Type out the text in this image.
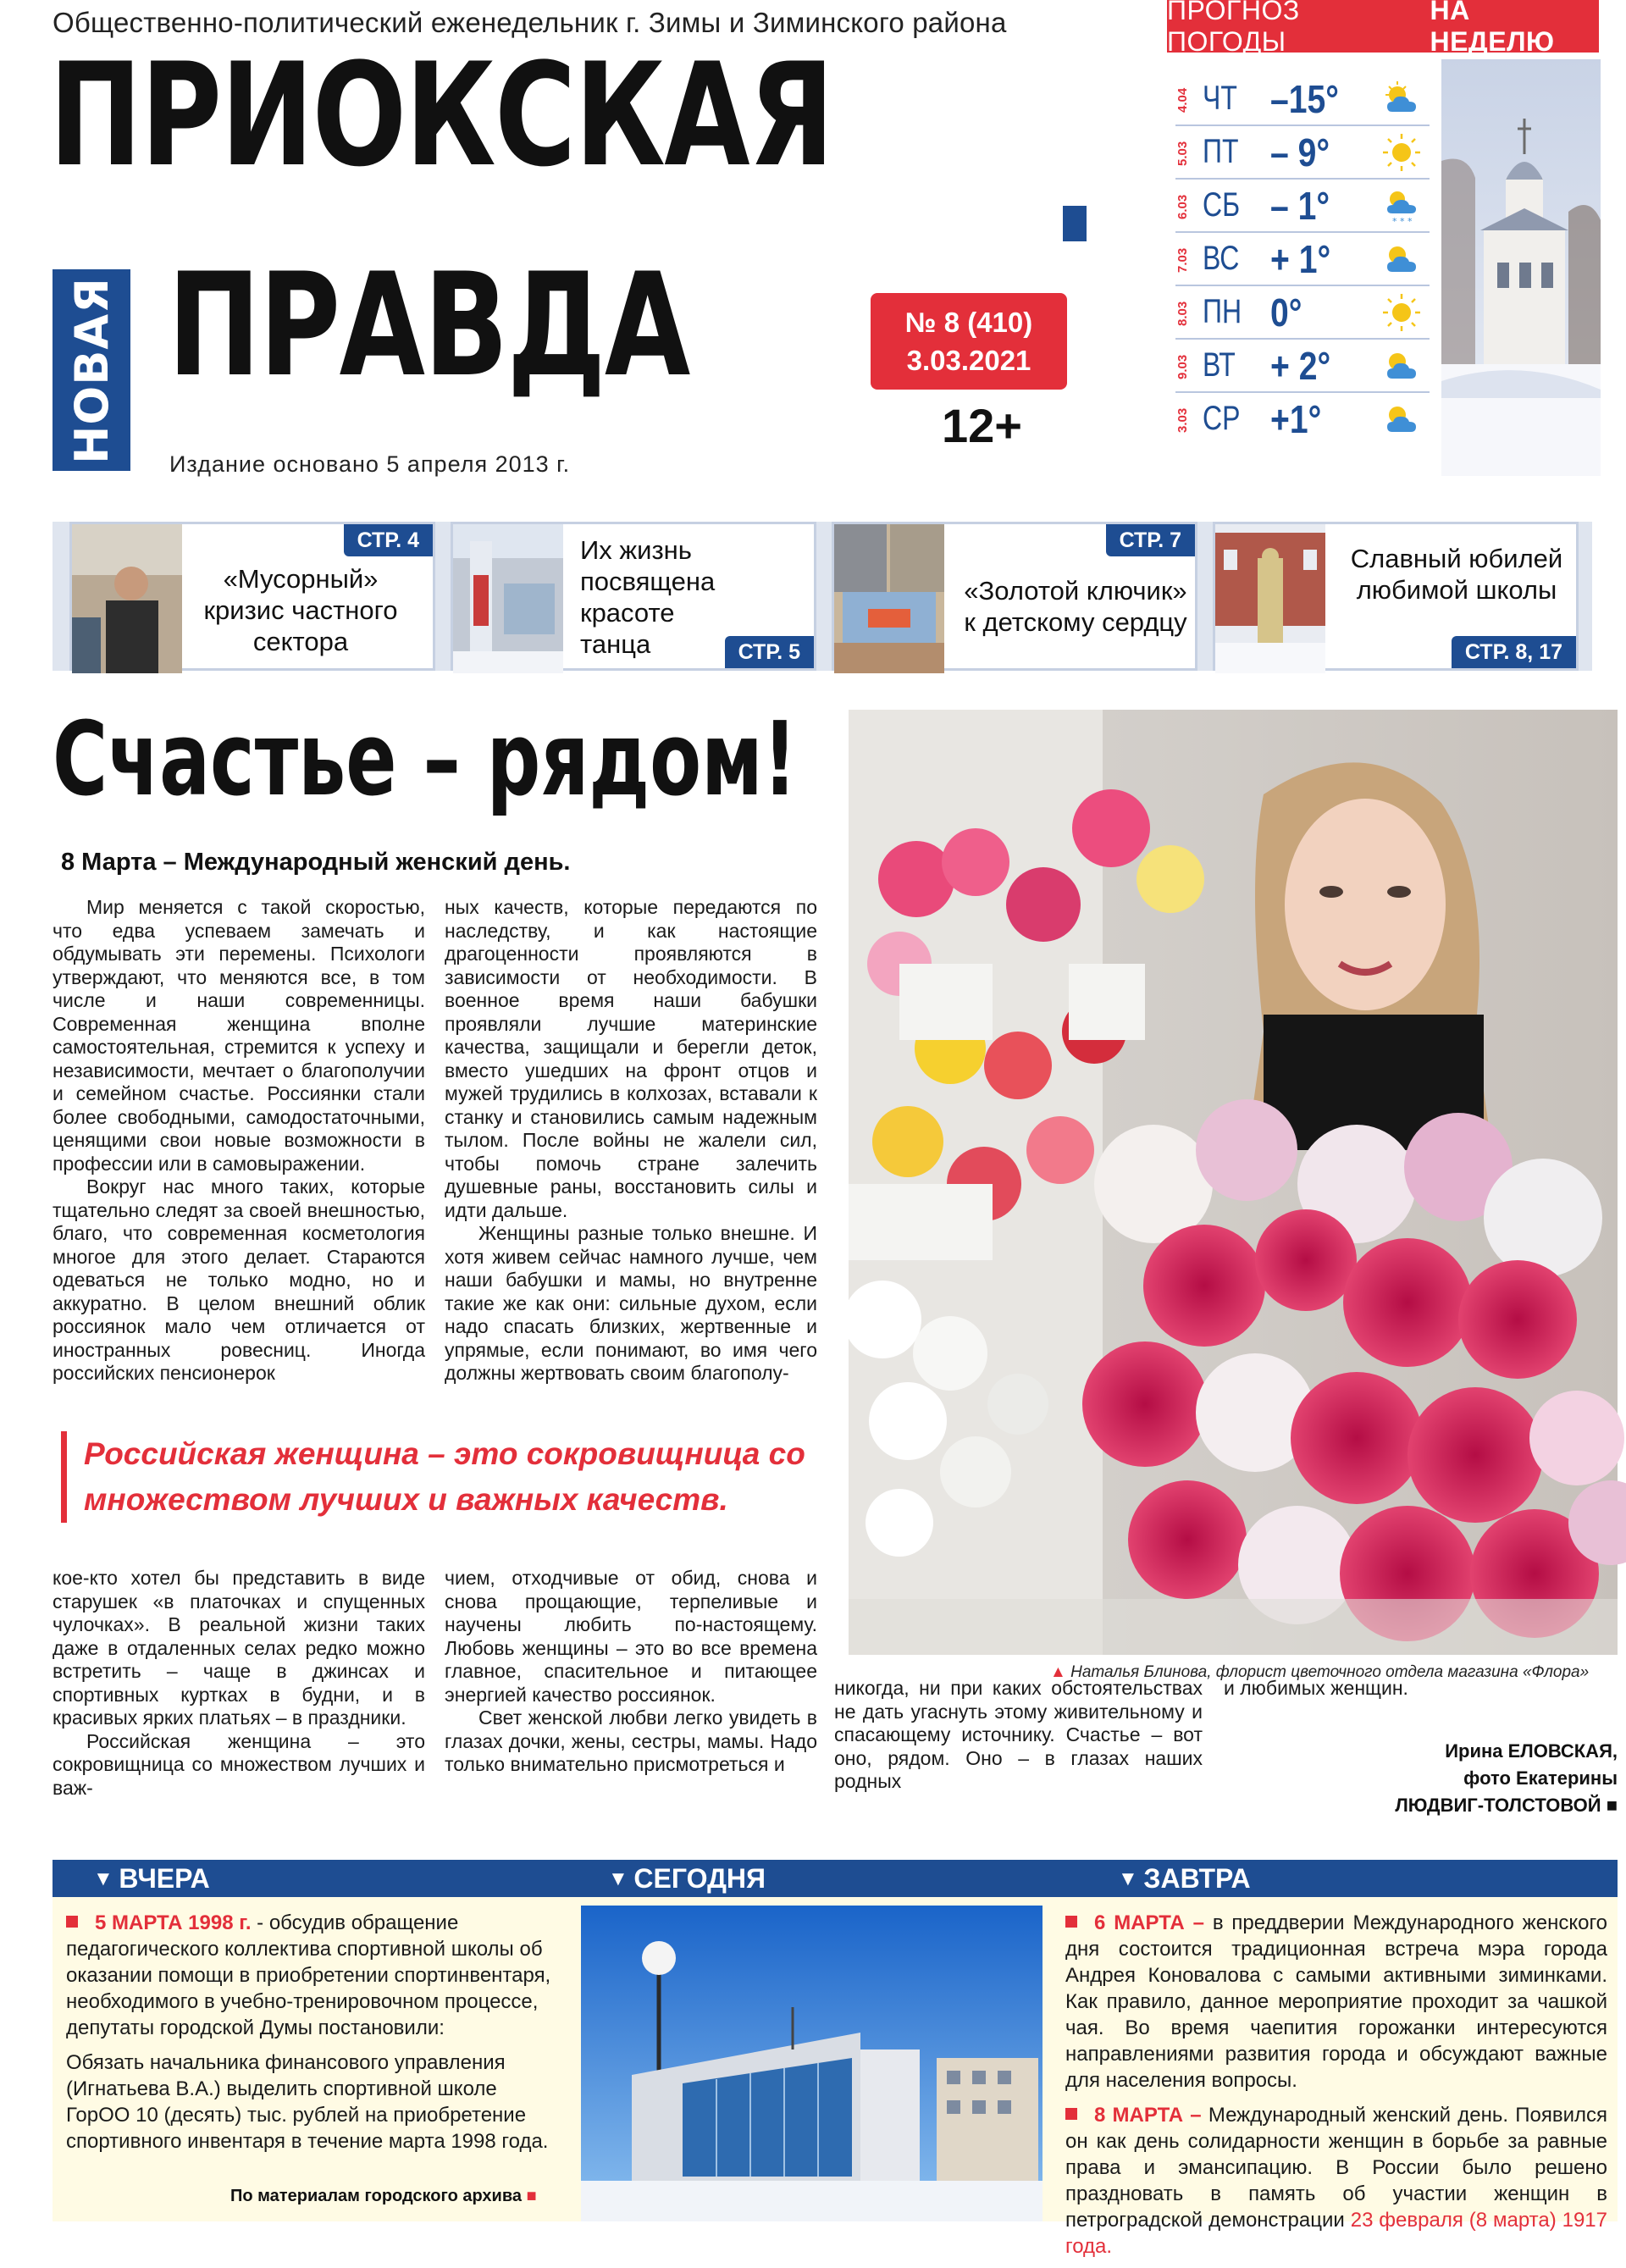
Общественно-политический еженедельник г. Зимы и Зиминского района
ПРИОКСКАЯ
НОВАЯ ПРАВДА	№ 8 (410)
3.03.2021
12+
Издание основано 5 апреля 2013 г.
ПРОГНОЗ ПОГОДЫ
НА НЕДЕЛЮ
4.04 ЧТ –15°
5.03 ПТ – 9°
6.03 СБ – 1°	* * *
7.03 ВС + 1°
8.03 ПН 0°
9.03 ВТ + 2°
3.03 СР +1°
СТР. 4
«Мусорный» кризис частного сектора
Их жизнь посвящена красоте танца	СТР. 5
СТР. 7
«Золотой ключик» к детскому сердцу
Славный юбилей любимой школы
СТР. 8, 17
Счастье – рядом!
8 Марта – Международный женский день.

Мир меняется с такой скоростью, что едва успеваем замечать и обдумывать эти перемены. Психологи утверждают, что меняются все, в том числе и наши современницы. Современная женщина вполне самостоятельная, стремится к успеху и независимости, мечтает о благополучии и семейном счастье. Россиянки стали более свободными, самодостаточными, ценящими свои новые возможности в профессии или в самовыражении.

Вокруг нас много таких, которые тщательно следят за своей внешностью, благо, что современная косметология многое для этого делает. Стараются одеваться не только модно, но и аккуратно. В целом внешний облик россиянок мало чем отличается от иностранных ровесниц. Иногда российских пенсионерок

ных качеств, которые передаются по наследству, и как настоящие драгоценности проявляются в зависимости от необходимости. В военное время наши бабушки проявляли лучшие материнские качества, защищали и берегли деток, вместо ушедших на фронт отцов и мужей трудились в колхозах, вставали к станку и становились самым надежным тылом. После войны не жалели сил, чтобы помочь стране залечить душевные раны, восстановить силы и идти дальше.

Женщины разные только внешне. И хотя живем сейчас намного лучше, чем наши бабушки и мамы, но внутренне такие же как они: сильные духом, если надо спасать близких, жертвенные и упрямые, если понимают, во имя чего должны жертвовать своим благополу-

Российская женщина – это сокровищница со множеством лучших и важных качеств.

кое-кто хотел бы представить в виде старушек «в платочках и спущенных чулочках». В реальной жизни таких даже в отдаленных селах редко можно встретить – чаще в джинсах и спортивных куртках в будни, и в красивых ярких платьях – в праздники.

Российская женщина – это сокровищница со множеством лучших и важ-

чием, отходчивые от обид, снова и снова прощающие, терпеливые и научены любить по-настоящему. Любовь женщины – это во все времена главное, спасительное и питающее энергией качество россиянок.

Свет женской любви легко увидеть в глазах дочки, жены, сестры, мамы. Надо только внимательно присмотреться и

никогда, ни при каких обстоятельствах не дать угаснуть этому живительному и спасающему источнику. Счастье – вот оно, рядом. Оно – в глазах наших родных

и любимых женщин.

▲ Наталья Блинова, флорист цветочного отдела магазина «Флора»
Ирина ЕЛОВСКАЯ,
фото Екатерины
ЛЮДВИГ-ТОЛСТОВОЙ ■
▼ ВЧЕРА	▼ СЕГОДНЯ	▼ ЗАВТРА

5 МАРТА 1998 г. - обсудив обращение педагогического коллектива спортивной школы об оказании помощи в приобретении спортинвентаря, необходимого в учебно-тренировочном процессе, депутаты городской Думы постановили:

Обязать начальника финансового управления (Игнатьева В.А.) выделить спортивной школе ГорОО 10 (десять) тыс. рублей на приобретение спортивного инвентаря в течение марта 1998 года.

По материалам городского архива ■

6 МАРТА – в преддверии Международного женского дня состоится традиционная встреча мэра города Андрея Коновалова с самыми активными зиминками. Как правило, данное мероприятие проходит за чашкой чая. Во время чаепития горожанки интересуются направлениями развития города и обсуждают важные для населения вопросы.

8 МАРТА – Международный женский день. Появился он как день солидарности женщин в борьбе за равные права и эмансипацию. В России было решено праздновать в память об участии женщин в петроградской демонстрации 23 февраля (8 марта) 1917 года.
